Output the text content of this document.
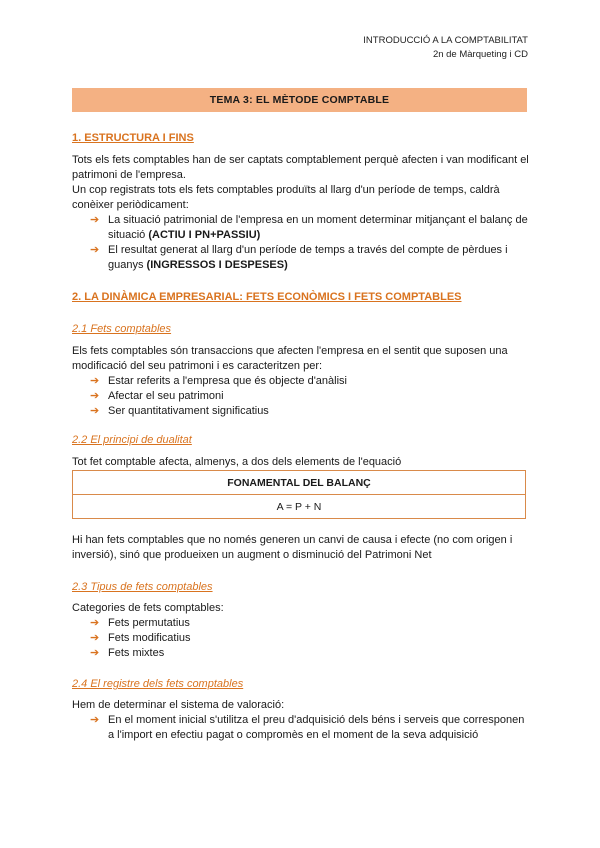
INTRODUCCIÓ A LA COMPTABILITAT
2n de Màrqueting i CD
TEMA 3: EL MÈTODE COMPTABLE
1. ESTRUCTURA I FINS

Tots els fets comptables han de ser captats comptablement perquè afecten i van modificant el patrimoni de l'empresa.

Un cop registrats tots els fets comptables produïts al llarg d'un període de temps, caldrà conèixer periòdicament:

➔ La situació patrimonial de l'empresa en un moment determinar mitjançant el balanç de situació (ACTIU I PN+PASSIU)
➔ El resultat generat al llarg d'un període de temps a través del compte de pèrdues i guanys (INGRESSOS I DESPESES)
2. LA DINÀMICA EMPRESARIAL: FETS ECONÒMICS I FETS COMPTABLES
2.1 Fets comptables

Els fets comptables són transaccions que afecten l'empresa en el sentit que suposen una modificació del seu patrimoni i es caracteritzen per:

➔ Estar referits a l'empresa que és objecte d'anàlisi
➔ Afectar el seu patrimoni
➔ Ser quantitativament significatius
2.2 El principi de dualitat

Tot fet comptable afecta, almenys, a dos dels elements de l'equació

FONAMENTAL DEL BALANÇ
A = P + N

Hi han fets comptables que no només generen un canvi de causa i efecte (no com origen i inversió), sinó que produeixen un augment o disminució del Patrimoni Net

2.3 Tipus de fets comptables

Categories de fets comptables:

➔ Fets permutatius
➔ Fets modificatius
➔ Fets mixtes
2.4 El registre dels fets comptables

Hem de determinar el sistema de valoració:

➔ En el moment inicial s'utilitza el preu d'adquisició dels béns i serveis que corresponen a l'import en efectiu pagat o compromès en el moment de la seva adquisició
